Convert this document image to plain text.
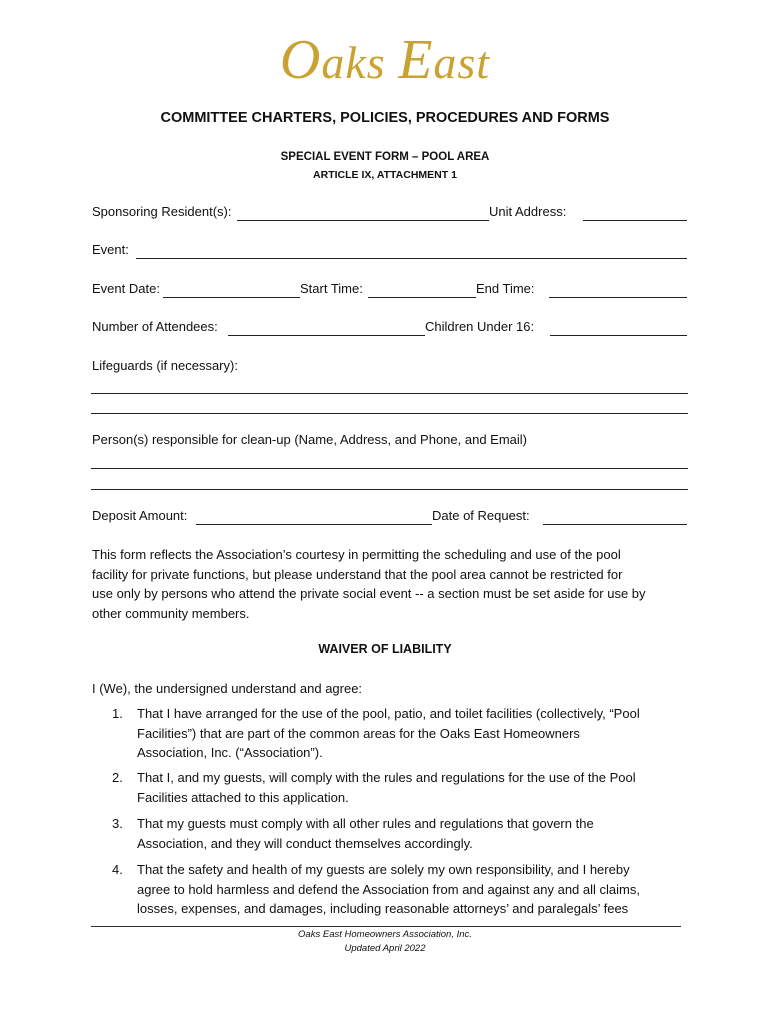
Oaks East
COMMITTEE CHARTERS, POLICIES, PROCEDURES AND FORMS
SPECIAL EVENT FORM – POOL AREA
ARTICLE IX, ATTACHMENT 1
Sponsoring Resident(s):	Unit Address:
Event:
Event Date:	Start Time:	End Time:
Number of Attendees:	Children Under 16:
Lifeguards (if necessary):
Person(s) responsible for clean-up (Name, Address, and Phone, and Email)
Deposit Amount:	Date of Request:
This form reflects the Association’s courtesy in permitting the scheduling and use of the pool
facility for private functions, but please understand that the pool area cannot be restricted for
use only by persons who attend the private social event -- a section must be set aside for use by
other community members.
WAIVER OF LIABILITY
I (We), the undersigned understand and agree:
1. That I have arranged for the use of the pool, patio, and toilet facilities (collectively, “Pool
Facilities”) that are part of the common areas for the Oaks East Homeowners
Association, Inc. (“Association”).
2. That I, and my guests, will comply with the rules and regulations for the use of the Pool
Facilities attached to this application.
3. That my guests must comply with all other rules and regulations that govern the
Association, and they will conduct themselves accordingly.
4. That the safety and health of my guests are solely my own responsibility, and I hereby
agree to hold harmless and defend the Association from and against any and all claims,
losses, expenses, and damages, including reasonable attorneys’ and paralegals’ fees
Oaks East Homeowners Association, Inc.
Updated April 2022
